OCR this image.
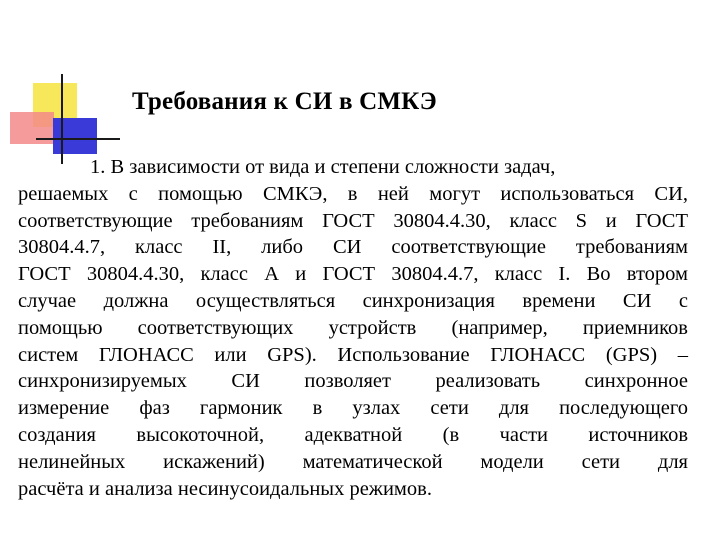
Требования к СИ в СМКЭ
1. В зависимости от вида и степени сложности задач,
решаемых с помощью СМКЭ, в ней могут использоваться СИ,
соответствующие требованиям ГОСТ 30804.4.30, класс S и ГОСТ
30804.4.7, класс II, либо СИ соответствующие требованиям
ГОСТ 30804.4.30, класс А и ГОСТ 30804.4.7, класс I. Во втором
случае должна осуществляться синхронизация времени СИ с
помощью соответствующих устройств (например, приемников
систем ГЛОНАСС или GPS). Использование ГЛОНАСС (GPS) –
синхронизируемых СИ позволяет реализовать синхронное
измерение фаз гармоник в узлах сети для последующего
создания высокоточной, адекватной (в части источников
нелинейных искажений) математической модели сети для
расчёта и анализа несинусоидальных режимов.
